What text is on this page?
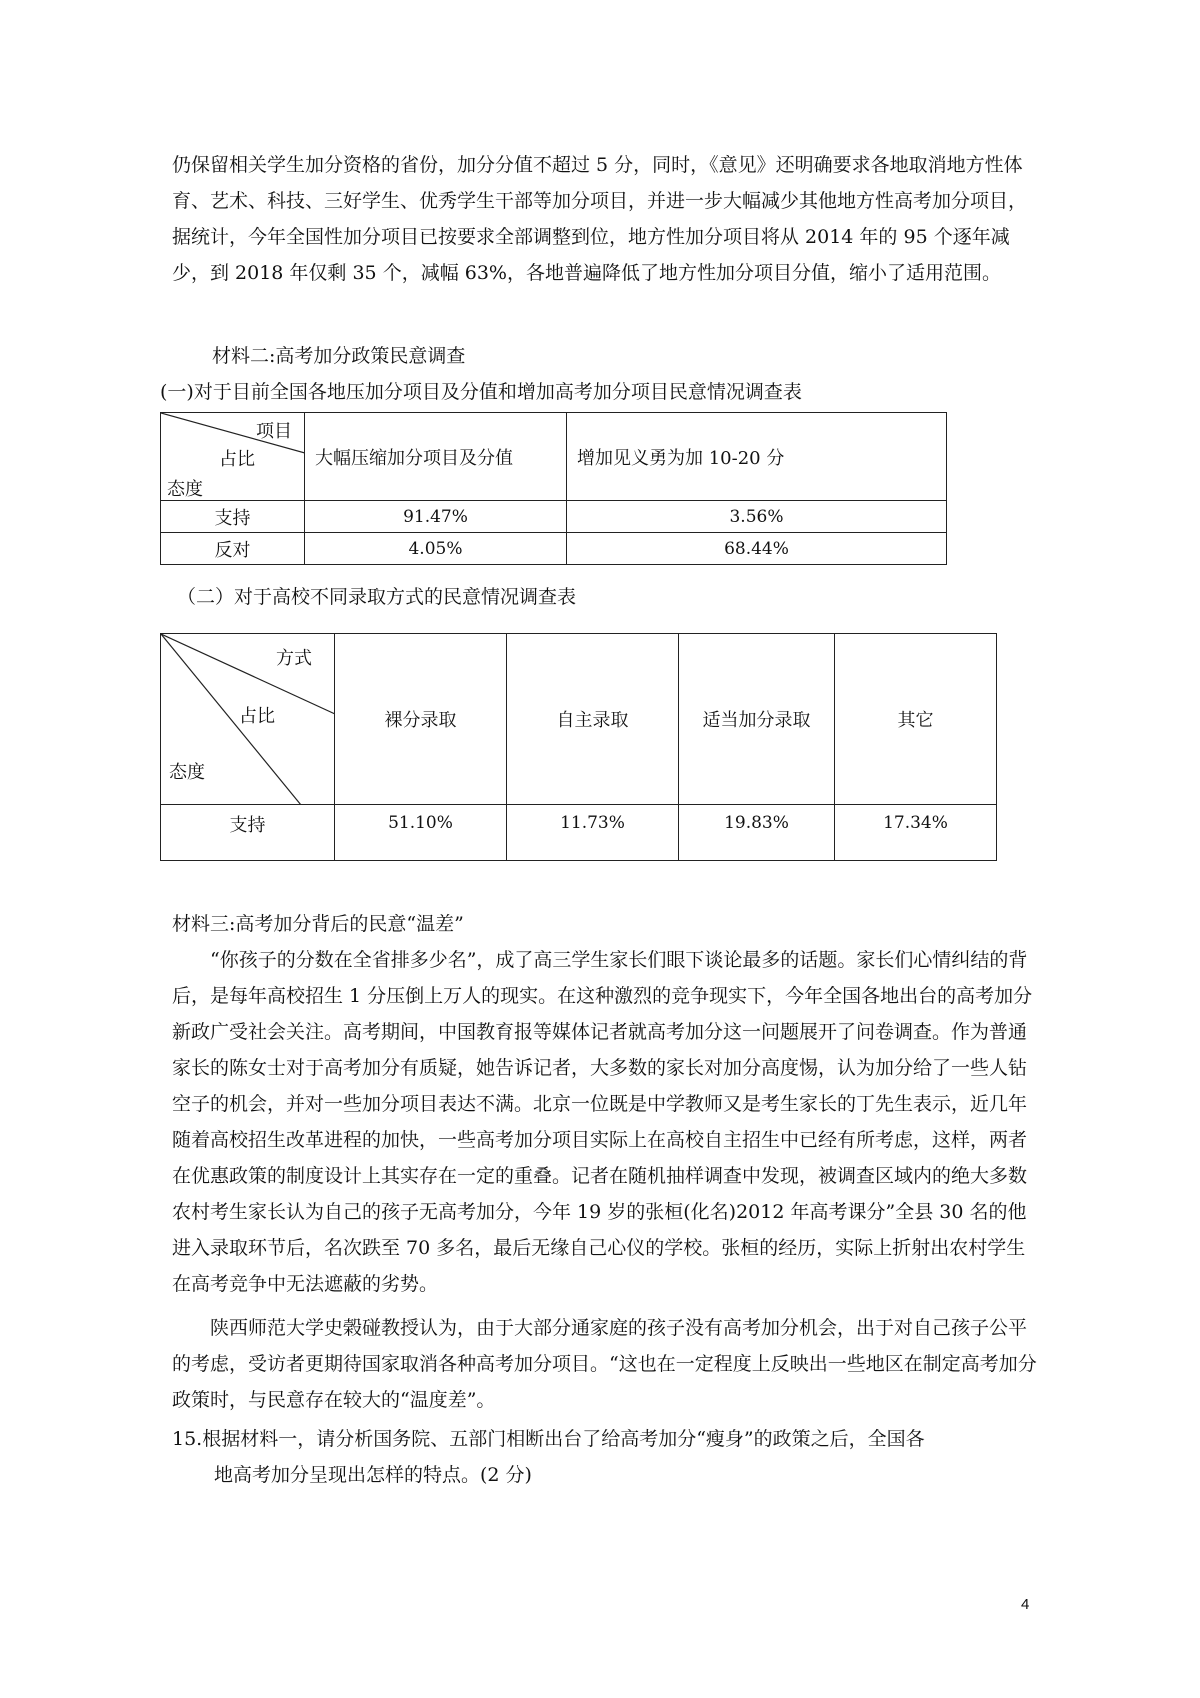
仍保留相关学生加分资格的省份，加分分值不超过 5 分，同时，《意见》还明确要求各地取消地方性体育、艺术、科技、三好学生、优秀学生干部等加分项目，并进一步大幅减少其他地方性高考加分项目，据统计，今年全国性加分项目已按要求全部调整到位，地方性加分项目将从 2014 年的 95 个逐年减少，到 2018 年仅剩 35 个，减幅 63%，各地普遍降低了地方性加分项目分值，缩小了适用范围。

材料二:高考加分政策民意调查
(一)对于目前全国各地压加分项目及分值和增加高考加分项目民意情况调查表
项目
占比
态度	大幅压缩加分项目及分值	增加见义勇为加 10-20 分
支持	91.47%	3.56%
反对	4.05%	68.44%
（二）对于高校不同录取方式的民意情况调查表
方式
占比
态度	裸分录取	自主录取	适当加分录取	其它
支持	51.10%	11.73%	19.83%	17.34%
材料三:高考加分背后的民意“温差”

“你孩子的分数在全省排多少名”，成了高三学生家长们眼下谈论最多的话题。家长们心情纠结的背后，是每年高校招生 1 分压倒上万人的现实。在这种激烈的竞争现实下，今年全国各地出台的高考加分新政广受社会关注。高考期间，中国教育报等媒体记者就高考加分这一问题展开了问卷调查。作为普通家长的陈女士对于高考加分有质疑，她告诉记者，大多数的家长对加分高度惕，认为加分给了一些人钻空子的机会，并对一些加分项目表达不满。北京一位既是中学教师又是考生家长的丁先生表示，近几年随着高校招生改革进程的加快，一些高考加分项目实际上在高校自主招生中已经有所考虑，这样，两者在优惠政策的制度设计上其实存在一定的重叠。记者在随机抽样调查中发现，被调查区域内的绝大多数农村考生家长认为自己的孩子无高考加分，今年 19 岁的张桓(化名)2012 年高考课分”全县 30 名的他进入录取环节后，名次跌至 70 多名，最后无缘自己心仪的学校。张桓的经历，实际上折射出农村学生在高考竞争中无法遮蔽的劣势。

陕西师范大学史榖碰教授认为，由于大部分通家庭的孩子没有高考加分机会，出于对自己孩子公平的考虑，受访者更期待国家取消各种高考加分项目。“这也在一定程度上反映出一些地区在制定高考加分政策时，与民意存在较大的“温度差”。

15.根据材料一，请分析国务院、五部门相断出台了给高考加分“瘦身”的政策之后，全国各
地高考加分呈现出怎样的特点。(2 分)
4
